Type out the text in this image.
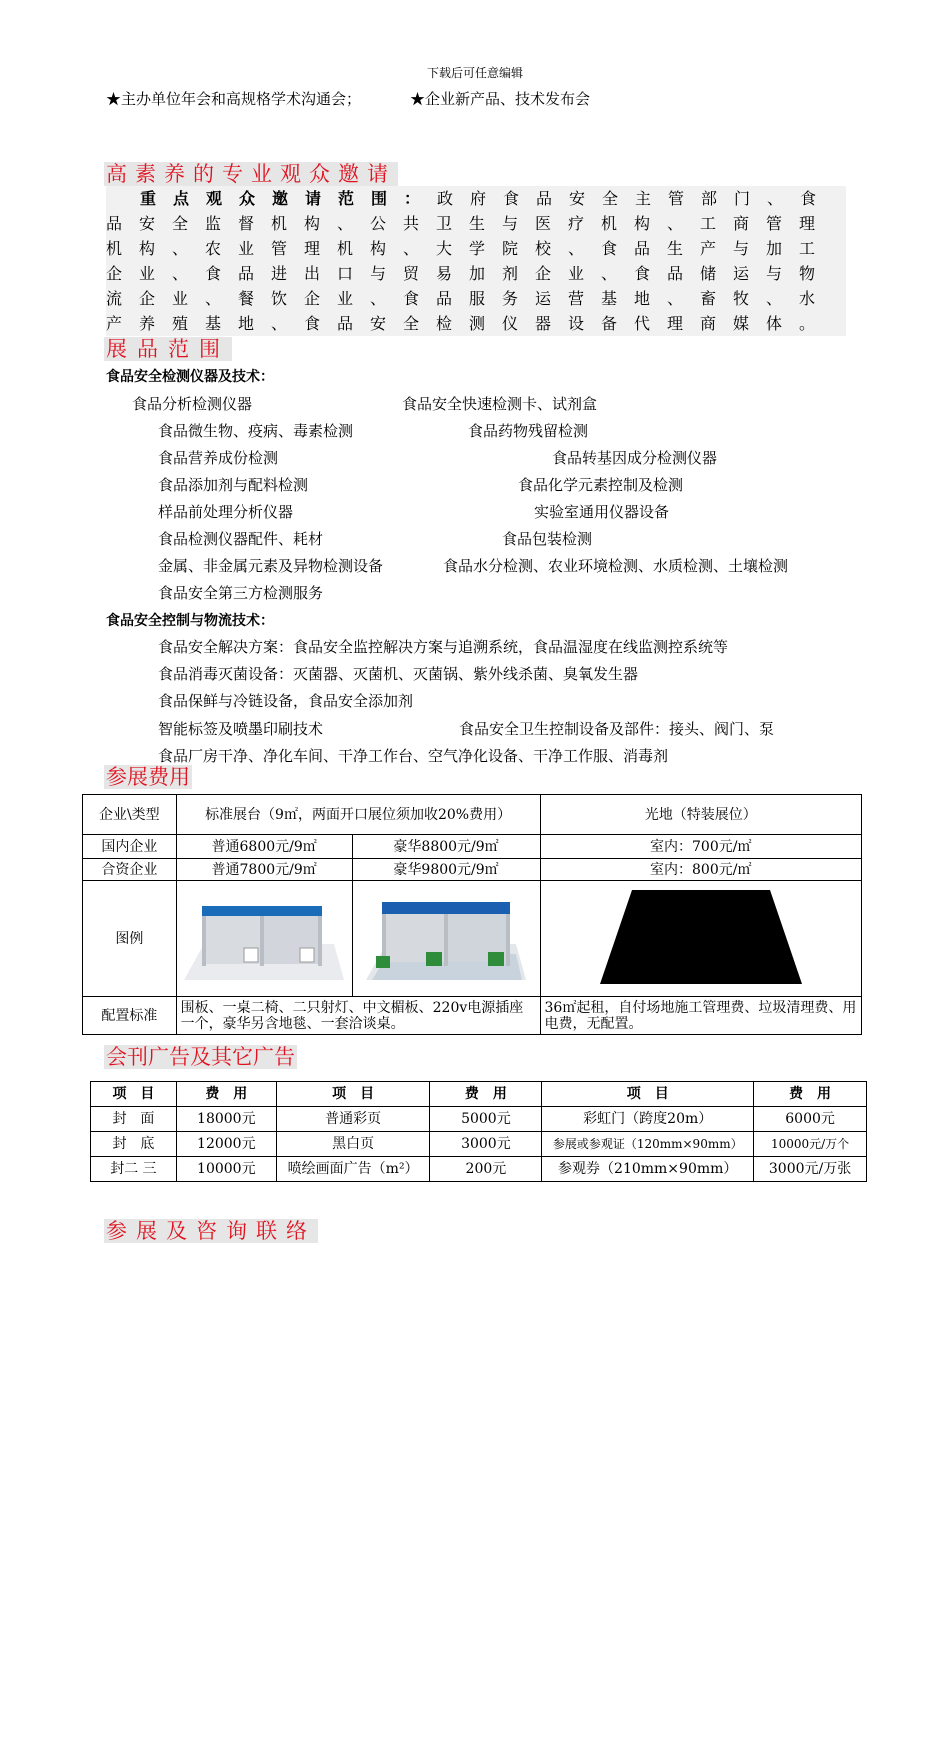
下载后可任意编辑
★主办单位年会和高规格学术沟通会；	★企业新产品、技术发布会
高素养的专业观众邀请
重点观众邀请范围：政府食品安全主管部门、食品安全监督机构、公共卫生与医疗机构、工商管理机构、农业管理机构、大学院校、食品生产与加工企业、食品进出口与贸易加剂企业、食品储运与物流企业、餐饮企业、食品服务运营基地、畜牧、水产养殖基地、食品安全检测仪器设备代理商媒体。
展品范围
食品安全检测仪器及技术：
食品分析检测仪器	食品安全快速检测卡、试剂盒
食品微生物、疫病、毒素检测	食品药物残留检测
食品营养成份检测	食品转基因成分检测仪器
食品添加剂与配料检测	食品化学元素控制及检测
样品前处理分析仪器	实验室通用仪器设备
食品检测仪器配件、耗材	食品包装检测
金属、非金属元素及异物检测设备	食品水分检测、农业环境检测、水质检测、土壤检测
食品安全第三方检测服务
食品安全控制与物流技术：
食品安全解决方案：食品安全监控解决方案与追溯系统，食品温湿度在线监测控系统等
食品消毒灭菌设备：灭菌器、灭菌机、灭菌锅、紫外线杀菌、臭氧发生器
食品保鲜与冷链设备，食品安全添加剂
智能标签及喷墨印刷技术	食品安全卫生控制设备及部件：接头、阀门、泵
食品厂房干净、净化车间、干净工作台、空气净化设备、干净工作服、消毒剂
参展费用
企业\类型	标准展台（9㎡，两面开口展位须加收20%费用）		光地（特装展位）
国内企业	普通6800元/9㎡	豪华8800元/9㎡	室内：700元/㎡
合资企业	普通7800元/9㎡	豪华9800元/9㎡	室内：800元/㎡
图例			空地

配置标准	围板、一桌二椅、二只射灯、中文楣板、220v电源插座一个，豪华另含地毯、一套洽谈桌。		36㎡起租，自付场地施工管理费、垃圾清理费、用电费，无配置。
会刊广告及其它广告
项　目	费　用	项　目	费　用	项　目	费　用
封　面	18000元	普通彩页	5000元	彩虹门（跨度20m）	6000元
封　底	12000元	黑白页	3000元	参展或参观证（120mm×90mm）	10000元/万个
封二 三	10000元	喷绘画面广告（m²）	200元	参观券（210mm×90mm）	3000元/万张
参展及咨询联络
